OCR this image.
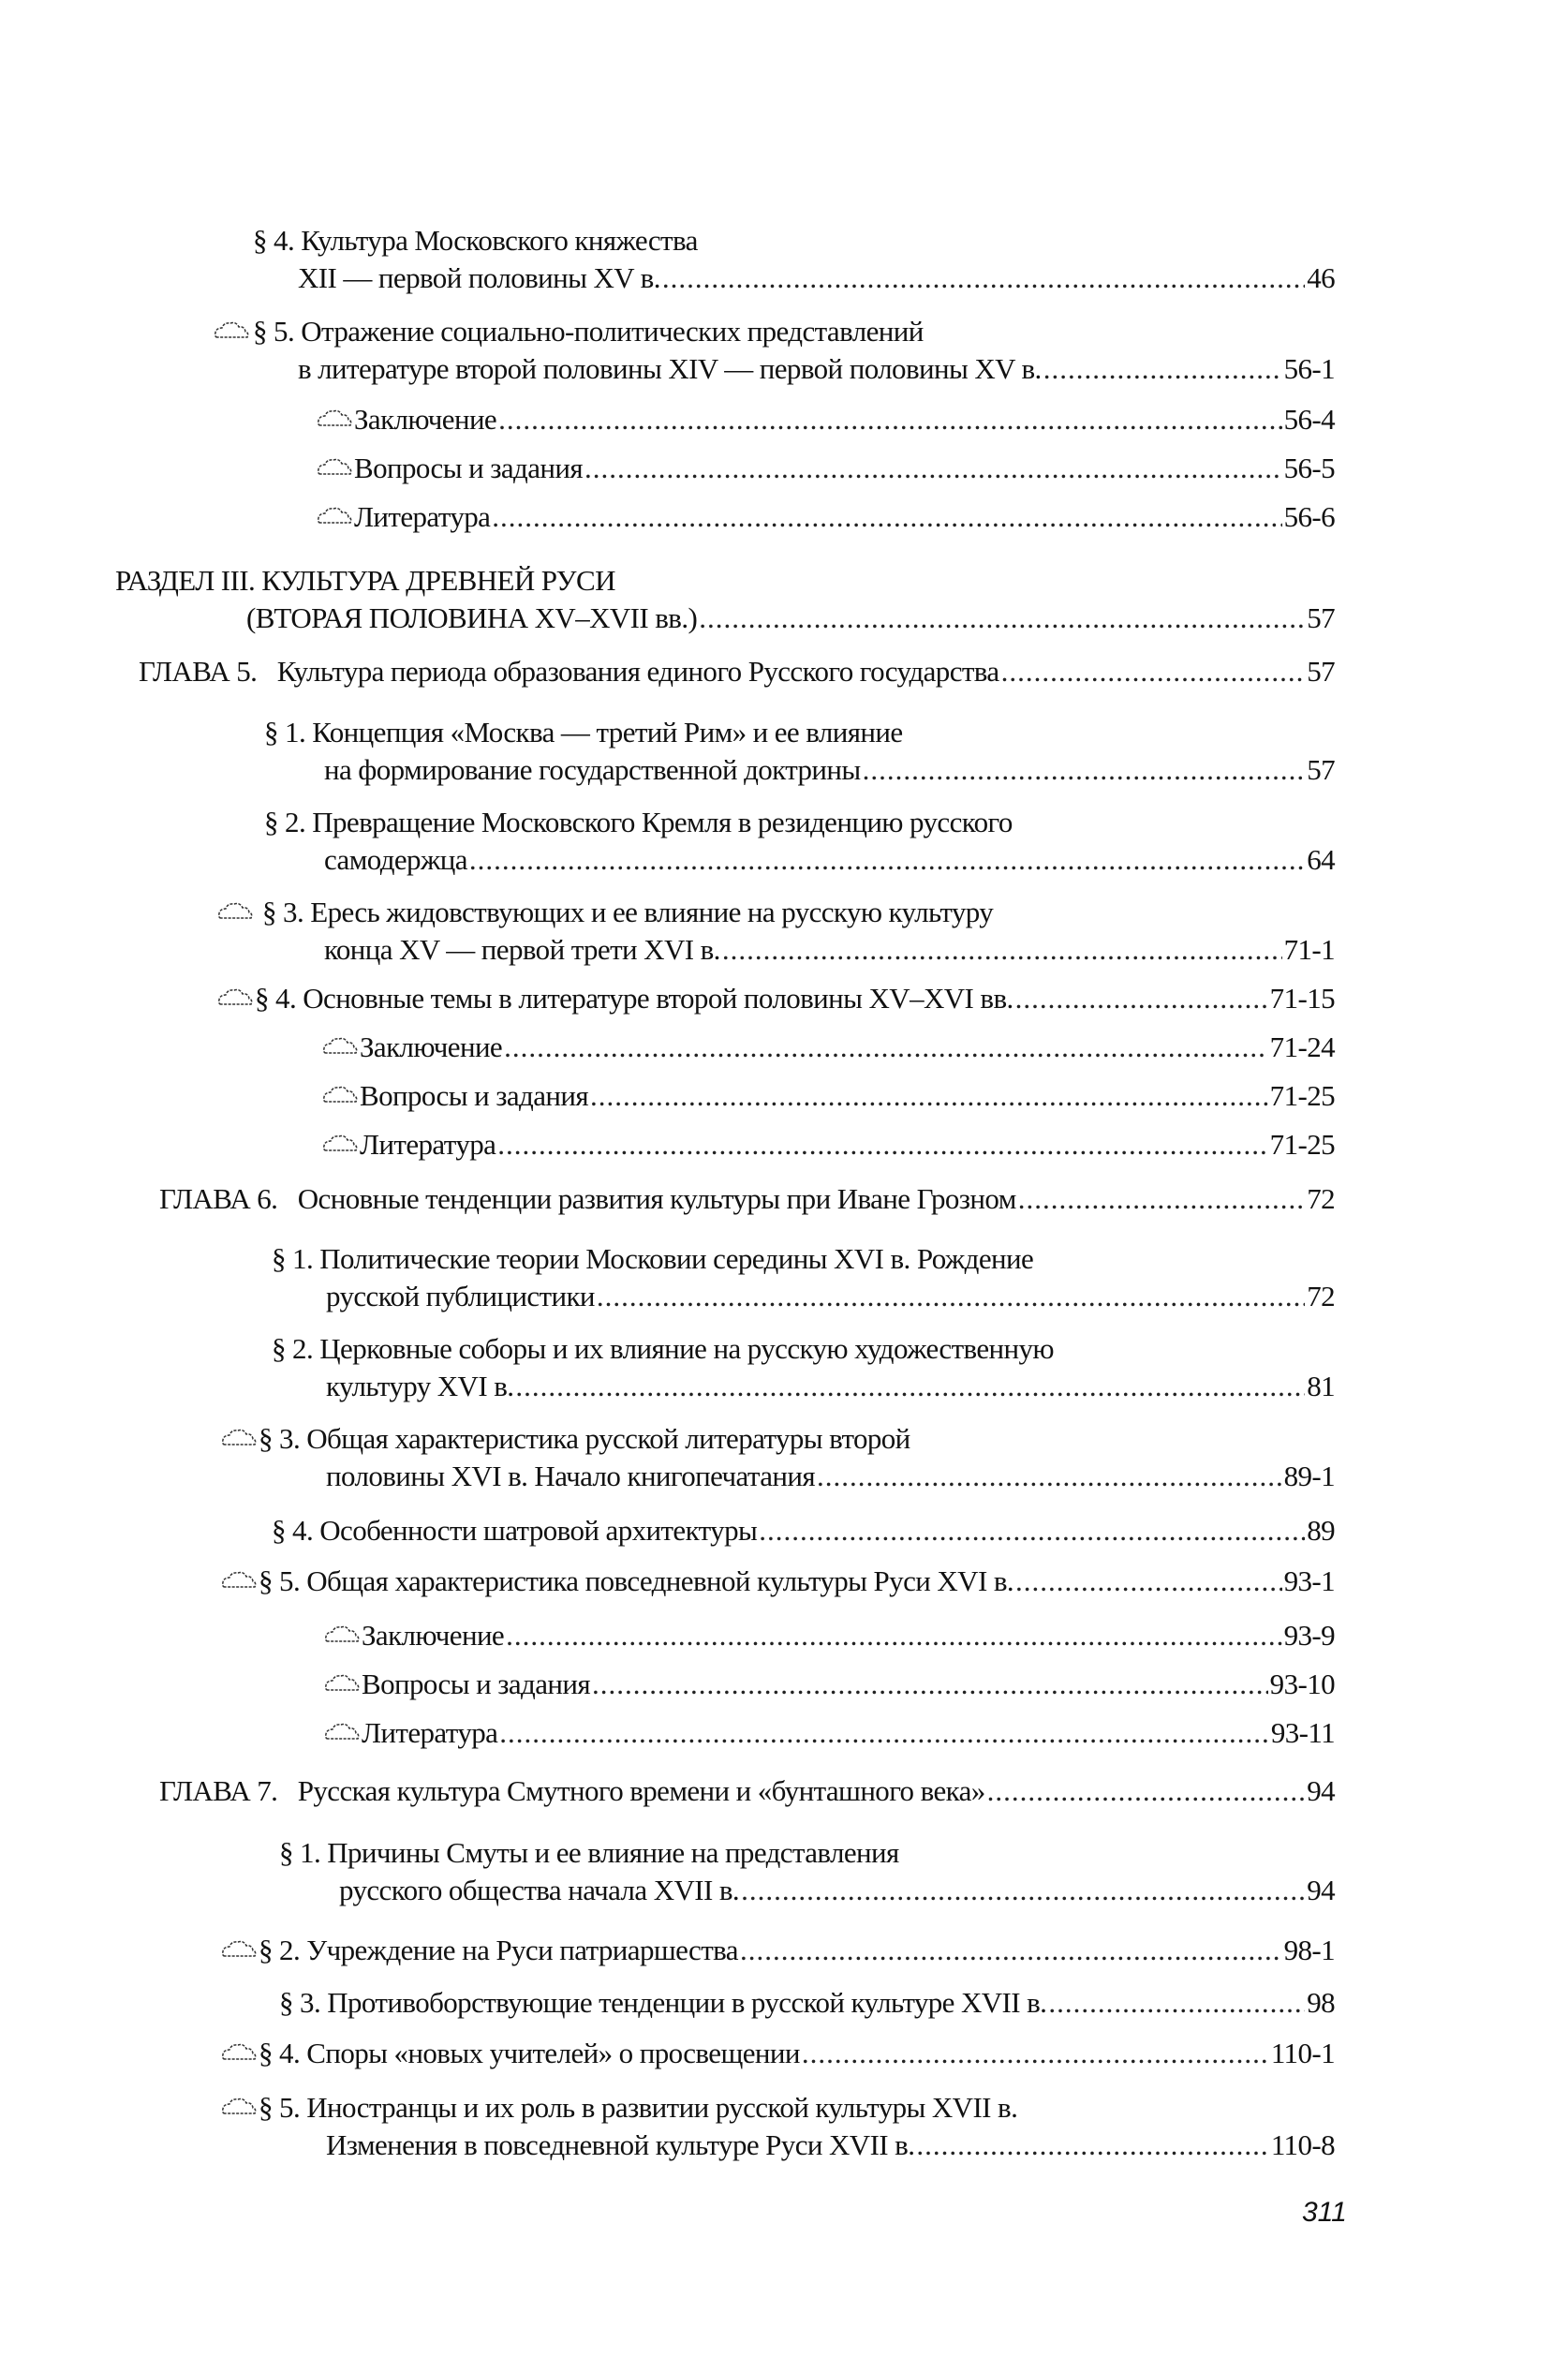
§ 4. Культура Московского княжества
XII — первой половины XV в. .....	46
§ 5. Отражение социально-политических представлений
в литературе второй половины XIV — первой половины XV в. .....	56-1
Заключение .....	56-4
Вопросы и задания .....	56-5
Литература .....	56-6
РАЗДЕЛ III. КУЛЬТУРА ДРЕВНЕЙ РУСИ
(ВТОРАЯ ПОЛОВИНА XV–XVII вв.) .....	57
ГЛАВА 5.   Культура периода образования единого Русского государства .....	57
§ 1. Концепция «Москва — третий Рим» и ее влияние
на формирование государственной доктрины .....	57
§ 2. Превращение Московского Кремля в резиденцию русского
самодержца .....	64
§ 3. Ересь жидовствующих и ее влияние на русскую культуру
конца XV — первой трети XVI в. .....	71-1
§ 4. Основные темы в литературе второй половины XV–XVI вв. .....	71-15
Заключение .....	71-24
Вопросы и задания .....	71-25
Литература .....	71-25
ГЛАВА 6.   Основные тенденции развития культуры при Иване Грозном .....	72
§ 1. Политические теории Московии середины XVI в. Рождение
русской публицистики .....	72
§ 2. Церковные соборы и их влияние на русскую художественную
культуру XVI в. .....	81
§ 3. Общая характеристика русской литературы второй
половины XVI в. Начало книгопечатания .....	89-1
§ 4. Особенности шатровой архитектуры .....	89
§ 5. Общая характеристика повседневной культуры Руси XVI в. .....	93-1
Заключение .....	93-9
Вопросы и задания .....	93-10
Литература .....	93-11
ГЛАВА 7.   Русская культура Смутного времени и «бунташного века» .....	94
§ 1. Причины Смуты и ее влияние на представления
русского общества начала XVII в. .....	94
§ 2. Учреждение на Руси патриаршества .....	98-1
§ 3. Противоборствующие тенденции в русской культуре XVII в. .....	98
§ 4. Споры «новых учителей» о просвещении .....	110-1
§ 5. Иностранцы и их роль в развитии русской культуры XVII в.
Изменения в повседневной культуре Руси XVII в. .....	110-8
311
